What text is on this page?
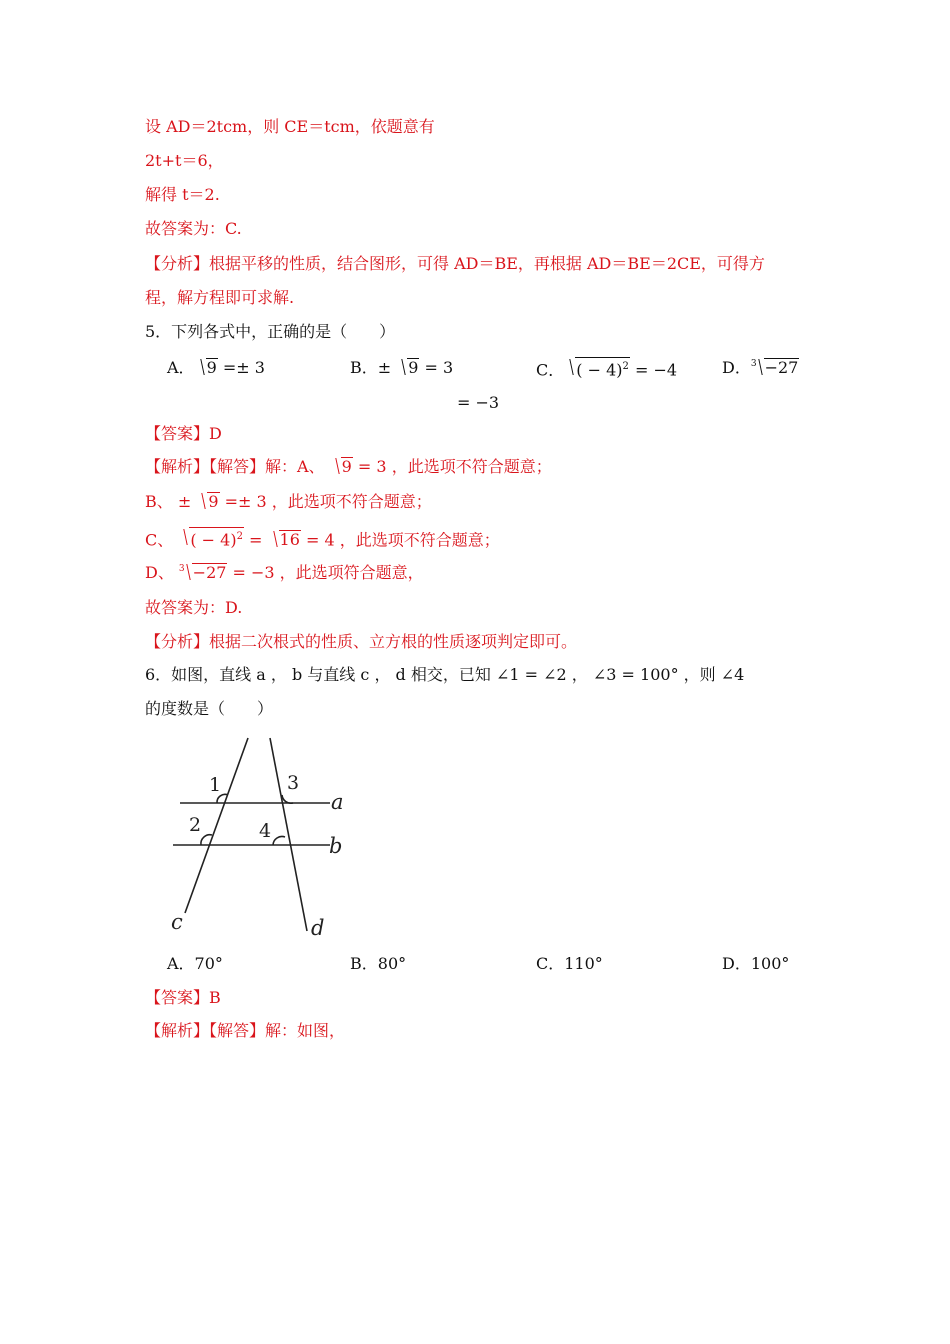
设 AD＝2tcm，则 CE＝tcm，依题意有
2t+t＝6，
解得 t＝2.
故答案为：C.
【分析】根据平移的性质，结合图形，可得 AD＝BE，再根据 AD＝BE＝2CE，可得方
程，解方程即可求解.
5．下列各式中，正确的是（　　）
A． 9 =± 3	B．± 9 = 3	C． ( − 4)$^2$ = −4	D．$^3$ −27
= −3
【答案】D
【解析】【解答】解：A、 9 = 3 ，此选项不符合题意；
B、 ± 9 =± 3 ，此选项不符合题意；
C、 ( − 4)$^2$ = 16 = 4 ，此选项不符合题意；
D、 $^3$ −27 = −3 ，此选项符合题意，
故答案为：D.
【分析】根据二次根式的性质、立方根的性质逐项判定即可。
6．如图，直线 a ， b 与直线 c ， d 相交，已知 ∠1 = ∠2 ， ∠3 = 100° ，则 ∠4
的度数是（　　）
1
2
3
4
a
b
c	d
A．70°	B．80°	C．110°	D．100°
【答案】B
【解析】【解答】解：如图，
